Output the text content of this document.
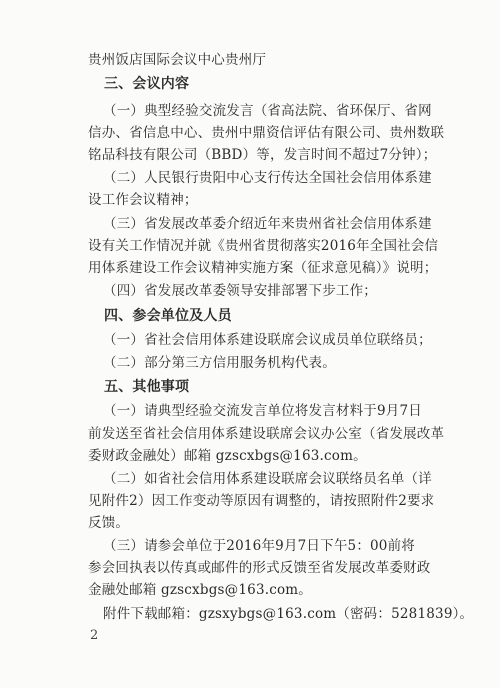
贵州饭店国际会议中心贵州厅
三、会议内容
（一）典型经验交流发言（省高法院、省环保厅、省网
信办、省信息中心、贵州中鼎资信评估有限公司、贵州数联
铭品科技有限公司（BBD）等，发言时间不超过7分钟）；
（二）人民银行贵阳中心支行传达全国社会信用体系建
设工作会议精神；
（三）省发展改革委介绍近年来贵州省社会信用体系建
设有关工作情况并就《贵州省贯彻落实2016年全国社会信
用体系建设工作会议精神实施方案（征求意见稿）》说明；
（四）省发展改革委领导安排部署下步工作；
四、参会单位及人员
（一）省社会信用体系建设联席会议成员单位联络员；
（二）部分第三方信用服务机构代表。
五、其他事项
（一）请典型经验交流发言单位将发言材料于9月7日
前发送至省社会信用体系建设联席会议办公室（省发展改革
委财政金融处）邮箱 gzscxbgs@163.com。
（二）如省社会信用体系建设联席会议联络员名单（详
见附件2）因工作变动等原因有调整的，请按照附件2要求
反馈。
（三）请参会单位于2016年9月7日下午5：00前将
参会回执表以传真或邮件的形式反馈至省发展改革委财政
金融处邮箱 gzscxbgs@163.com。
附件下载邮箱：gzsxybgs@163.com（密码：5281839）。
2
